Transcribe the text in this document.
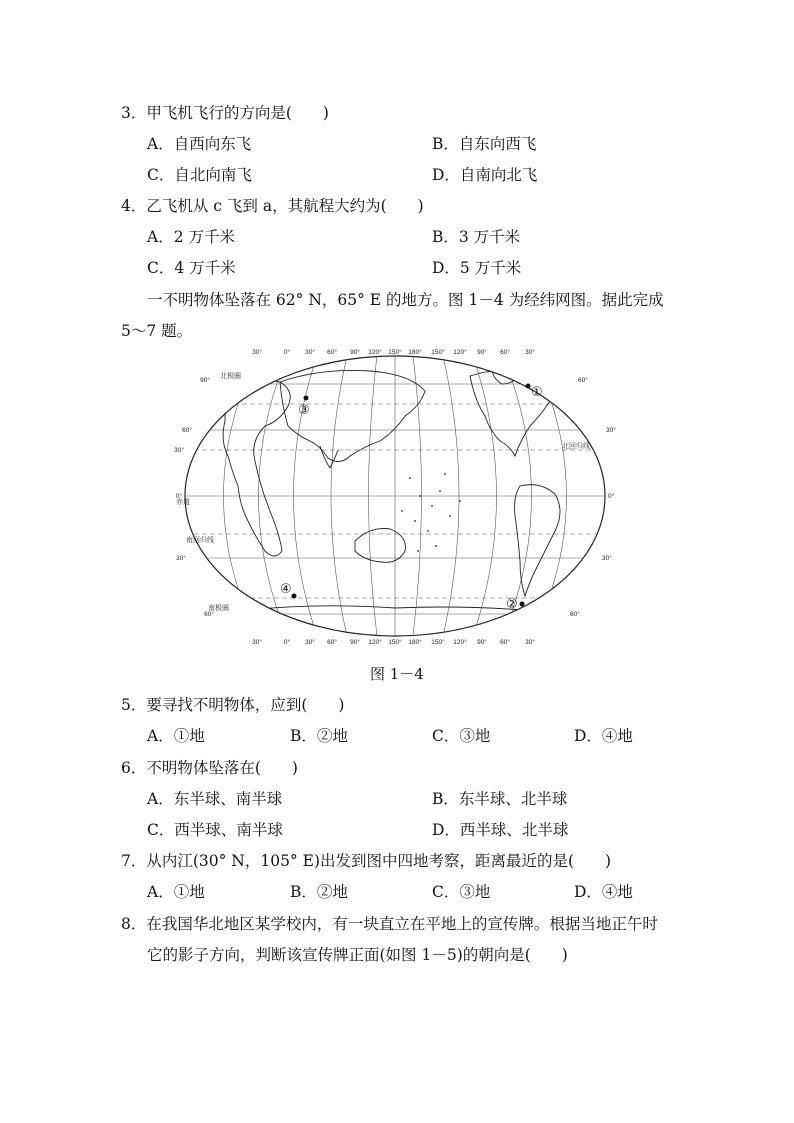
3．甲飞机飞行的方向是(　　)
A．自西向东飞	B．自东向西飞
C．自北向南飞	D．自南向北飞
4．乙飞机从 c 飞到 a，其航程大约为(　　)
A．2 万千米	B．3 万千米
C．4 万千米	D．5 万千米
一不明物体坠落在 62° N，65° E 的地方。图 1－4 为经纬网图。据此完成
5～7 题。
30°	0° 30° 60° 90° 120° 150° 180° 150° 120° 90° 60° 30°
30°	0° 30° 60° 90° 120° 150° 180° 150° 120° 90° 60° 30°
90°
60°
30°
0°
30°
60°
60°
30°
0°
30°
60°
北极圈
北回归线
赤道
南回归线
南极圈
①
②
③
④
图 1－4
5．要寻找不明物体，应到(　　)
A．①地	B．②地	C．③地	D．④地
6．不明物体坠落在(　　)
A．东半球、南半球	B．东半球、北半球
C．西半球、南半球	D．西半球、北半球
7．从内江(30° N，105° E)出发到图中四地考察，距离最近的是(　　)
A．①地	B．②地	C．③地	D．④地
8．在我国华北地区某学校内，有一块直立在平地上的宣传牌。根据当地正午时
它的影子方向，判断该宣传牌正面(如图 1－5)的朝向是(　　)
